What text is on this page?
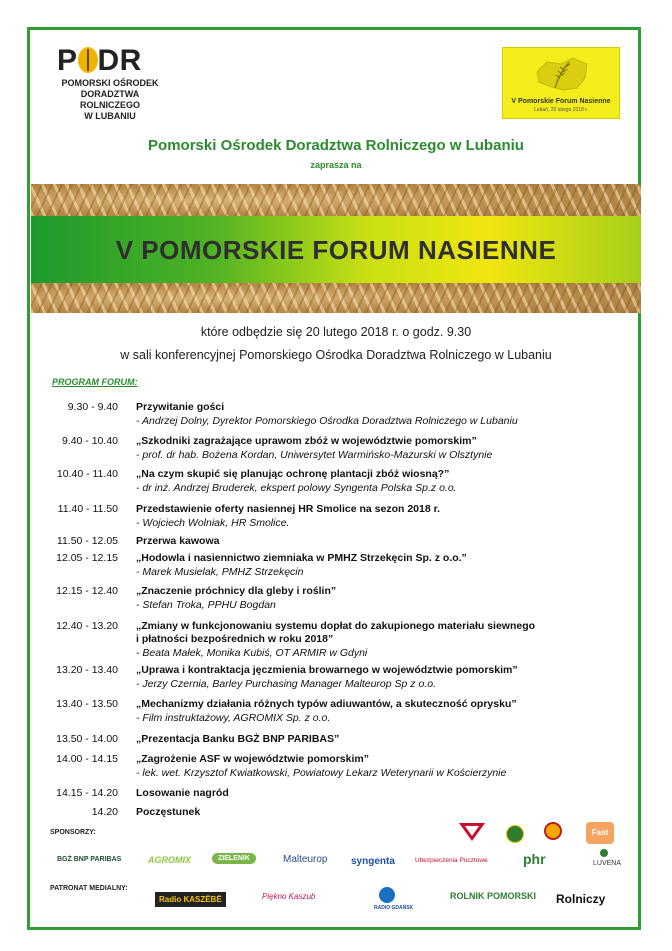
P DR
POMORSKI OŚRODEK
DORADZTWA ROLNICZEGO
W LUBANIU
V Pomorskie Forum Nasienne
Lubań, 20 lutego 2018 r.
Pomorski Ośrodek Doradztwa Rolniczego w Lubaniu
zaprasza na
V POMORSKIE FORUM NASIENNE
które odbędzie się 20 lutego 2018 r. o godz. 9.30
w sali konferencyjnej Pomorskiego Ośrodka Doradztwa Rolniczego w Lubaniu
PROGRAM FORUM:
9.30 - 9.40 Przywitanie gości
- Andrzej Dolny, Dyrektor Pomorskiego Ośrodka Doradztwa Rolniczego w Lubaniu
9.40 - 10.40 „Szkodniki zagrażające uprawom zbóż w województwie pomorskim”
- prof. dr hab. Bożena Kordan, Uniwersytet Warmińsko-Mazurski w Olsztynie
10.40 - 11.40 „Na czym skupić się planując ochronę plantacji zbóż wiosną?”
- dr inż. Andrzej Bruderek, ekspert polowy Syngenta Polska Sp.z o.o.
11.40 - 11.50 Przedstawienie oferty nasiennej HR Smolice na sezon 2018 r.
- Wojciech Wolniak, HR Smolice.
11.50 - 12.05 Przerwa kawowa
12.05 - 12.15 „Hodowla i nasiennictwo ziemniaka w PMHZ Strzekęcin Sp. z o.o.”
- Marek Musielak, PMHZ Strzekęcin
12.15 - 12.40 „Znaczenie próchnicy dla gleby i roślin”
- Stefan Troka, PPHU Bogdan
12.40 - 13.20 „Zmiany w funkcjonowaniu systemu dopłat do zakupionego materiału siewnego
i płatności bezpośrednich w roku 2018”
- Beata Małek, Monika Kubiś, OT ARMIR w Gdyni
13.20 - 13.40 „Uprawa i kontraktacja jęczmienia browarnego w województwie pomorskim”
- Jerzy Czernia, Barley Purchasing Manager Malteurop Sp z o.o.
13.40 - 13.50 „Mechanizmy działania różnych typów adiuwantów, a skuteczność oprysku”
- Film instruktażowy, AGROMIX Sp. z o.o.
13.50 - 14.00 „Prezentacja Banku BGŻ BNP PARIBAS”
14.00 - 14.15 „Zagrożenie ASF w województwie pomorskim”
- lek. wet. Krzysztof Kwiatkowski, Powiatowy Lekarz Weterynarii w Kościerzynie
14.15 - 14.20 Losowanie nagród
14.20 Poczęstunek
SPONSORZY:	Fast
BGŻ BNP PARIBAS	AGROMIX	ZIELENIK	Malteurop syngenta	Ubezpieczenia Pocztowe	phr	LUVENA
PATRONAT MEDIALNY:
Radio KASZËBË	Piękno Kaszub
RADIO GDAŃSK
ROLNIK POMORSKI Rolniczy
